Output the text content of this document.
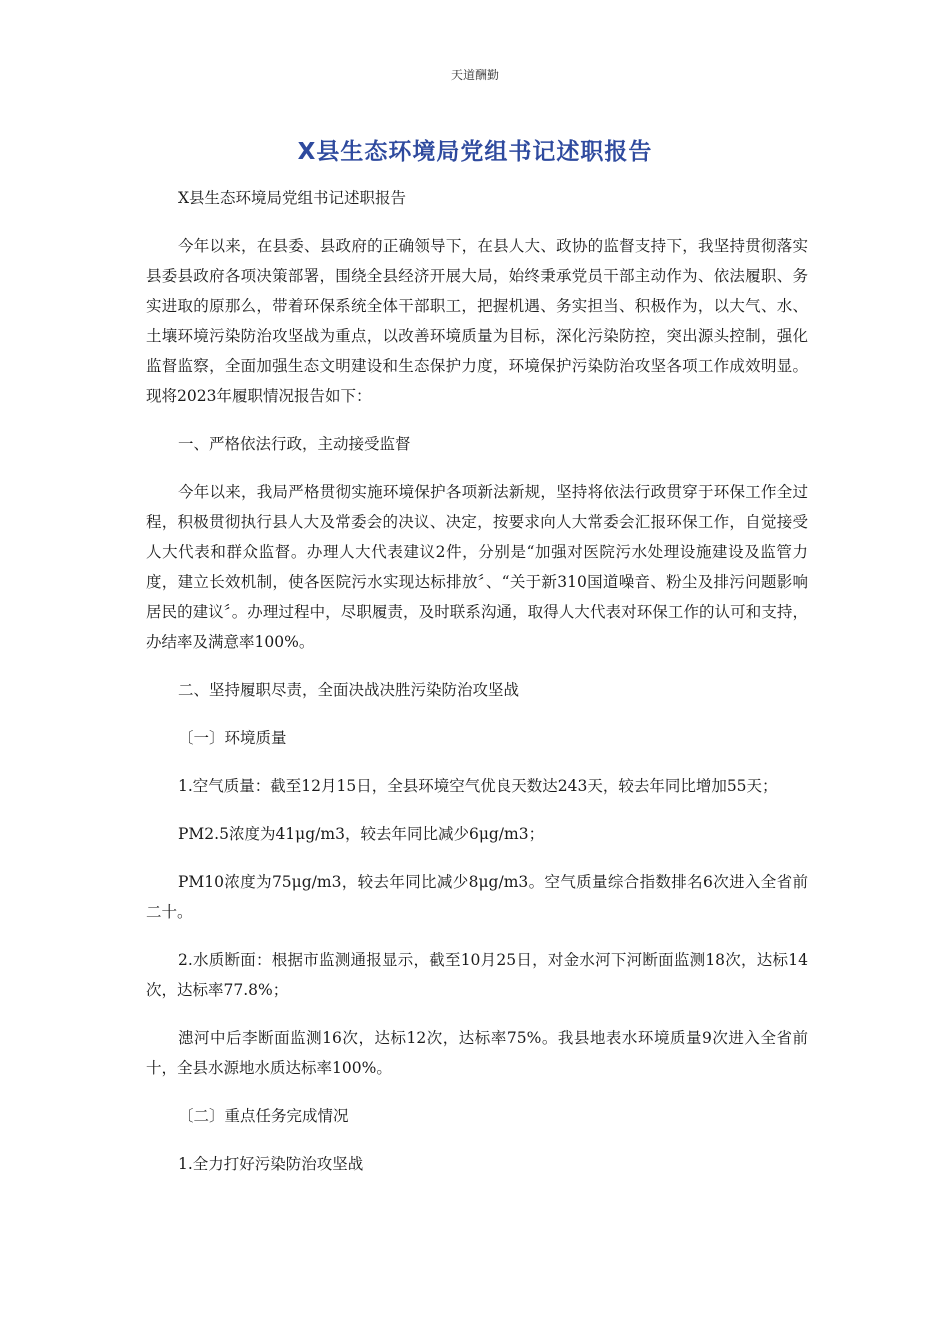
天道酬勤
X县生态环境局党组书记述职报告

X县生态环境局党组书记述职报告

今年以来，在县委、县政府的正确领导下，在县人大、政协的监督支持下，我坚持贯彻落实县委县政府各项决策部署，围绕全县经济开展大局，始终秉承党员干部主动作为、依法履职、务实进取的原那么，带着环保系统全体干部职工，把握机遇、务实担当、积极作为，以大气、水、土壤环境污染防治攻坚战为重点，以改善环境质量为目标，深化污染防控，突出源头控制，强化监督监察，全面加强生态文明建设和生态保护力度，环境保护污染防治攻坚各项工作成效明显。现将2023年履职情况报告如下：

一、严格依法行政，主动接受监督

今年以来，我局严格贯彻实施环境保护各项新法新规，坚持将依法行政贯穿于环保工作全过程，积极贯彻执行县人大及常委会的决议、决定，按要求向人大常委会汇报环保工作，自觉接受人大代表和群众监督。办理人大代表建议2件，分别是“加强对医院污水处理设施建设及监管力度，建立长效机制，使各医院污水实现达标排放〞、“关于新310国道噪音、粉尘及排污问题影响居民的建议〞。办理过程中，尽职履责，及时联系沟通，取得人大代表对环保工作的认可和支持，办结率及满意率100%。

二、坚持履职尽责，全面决战决胜污染防治攻坚战

〔一〕环境质量

1.空气质量：截至12月15日，全县环境空气优良天数达243天，较去年同比增加55天；

PM2.5浓度为41μg/m3，较去年同比减少6μg/m3；

PM10浓度为75μg/m3，较去年同比减少8μg/m3。空气质量综合指数排名6次进入全省前二十。

2.水质断面：根据市监测通报显示，截至10月25日，对金水河下河断面监测18次，达标14次，达标率77.8%；

漶河中后李断面监测16次，达标12次，达标率75%。我县地表水环境质量9次进入全省前十，全县水源地水质达标率100%。

〔二〕重点任务完成情况

1.全力打好污染防治攻坚战
